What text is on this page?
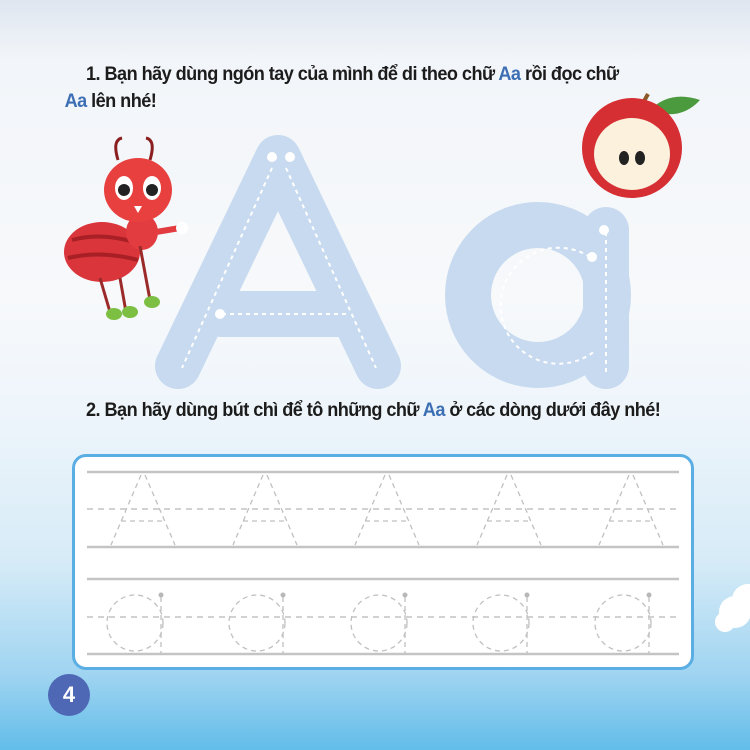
1. Bạn hãy dùng ngón tay của mình để di theo chữ Aa rồi đọc chữ
Aa lên nhé!
2. Bạn hãy dùng bút chì để tô những chữ Aa ở các dòng dưới đây nhé!
4
